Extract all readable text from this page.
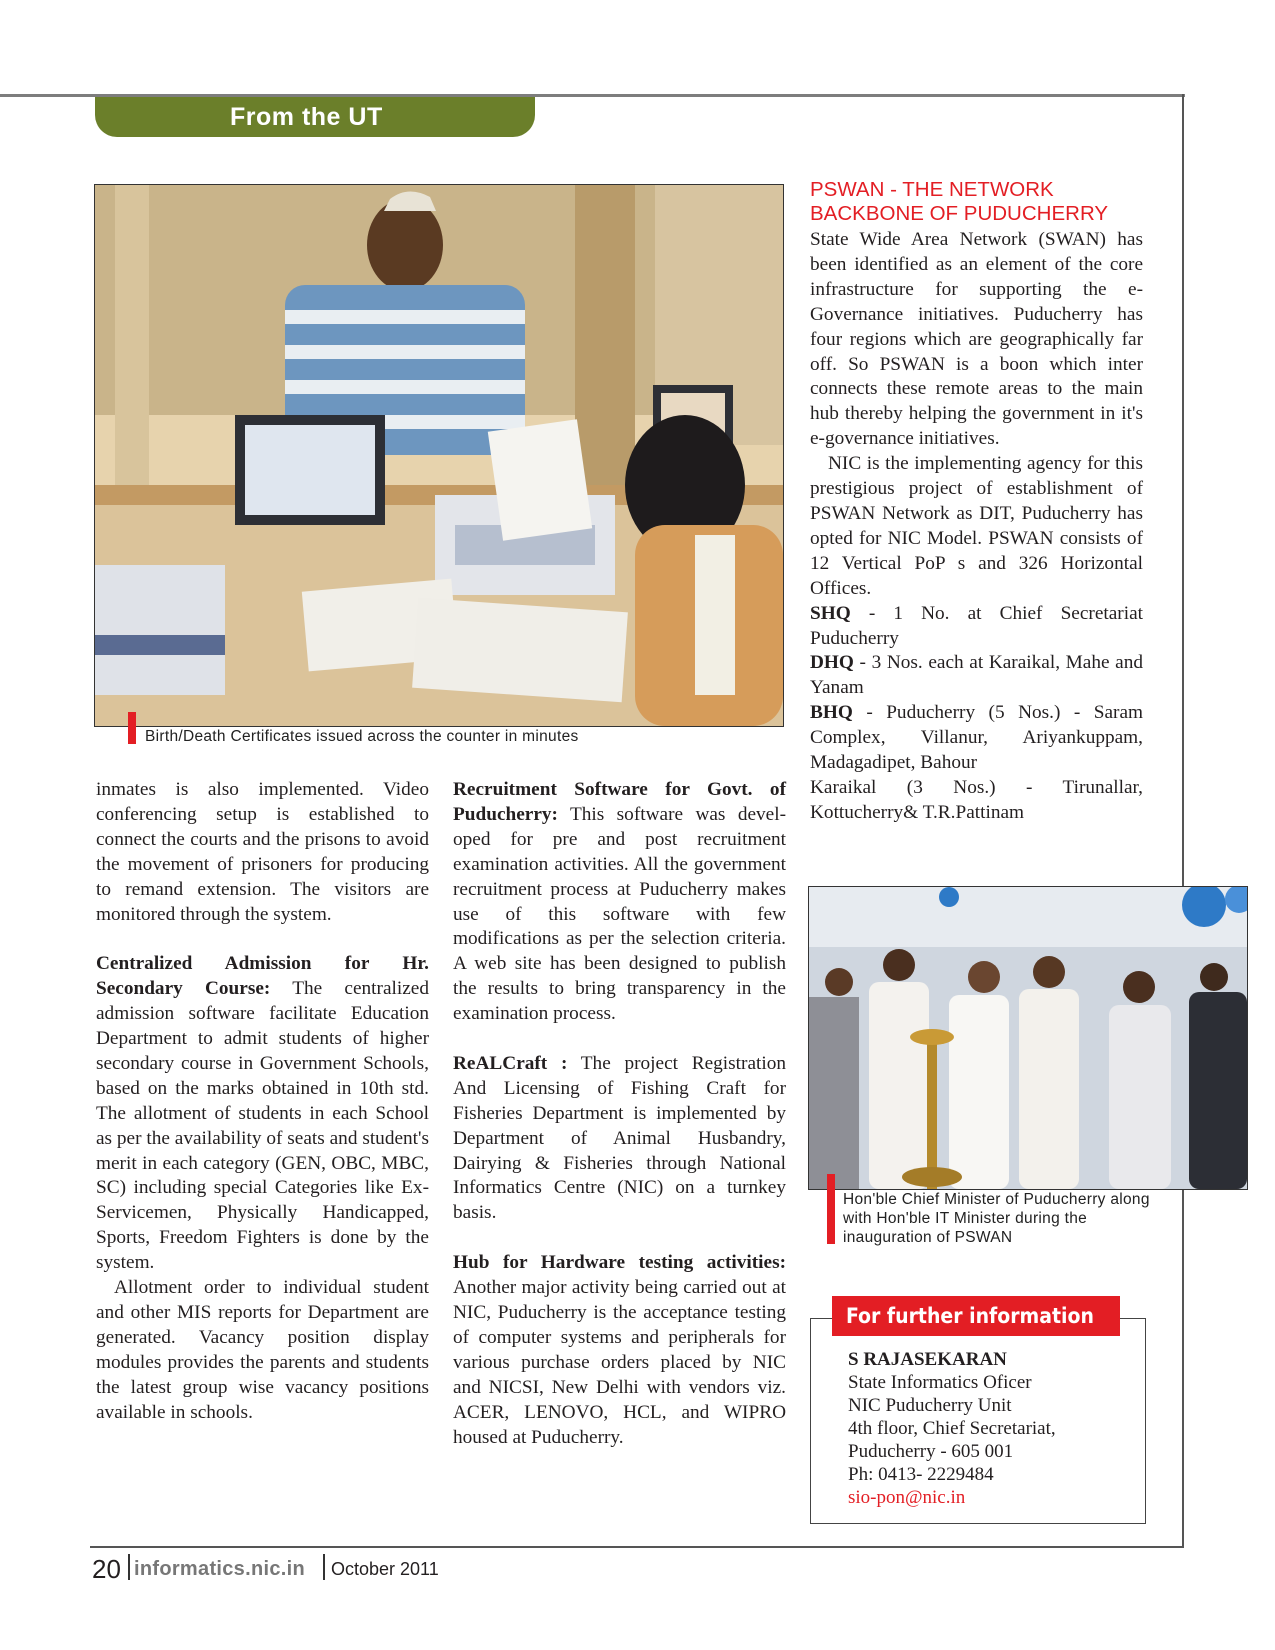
From the UT
Birth/Death Certificates issued across the counter in minutes

inmates is also implemented. Video conferencing setup is established to connect the courts and the prisons to avoid the movement of prisoners for producing to remand extension. The visitors are monitored through the system.

Centralized Admission for Hr. Secondary Course: The centralized admission software facilitate Education Department to admit students of higher secondary course in Government Schools, based on the marks obtained in 10th std. The allotment of students in each School as per the availability of seats and student's merit in each category (GEN, OBC, MBC, SC) including special Categories like Ex-Servicemen, Physically Handicapped, Sports, Freedom Fighters is done by the system.

Allotment order to individual student and other MIS reports for Department are generated. Vacancy position display modules provides the parents and students the latest group wise vacancy positions available in schools.

Recruitment Software for Govt. of Puducherry: This software was developed for pre and post recruitment examination activities. All the government recruitment process at Puducherry makes use of this software with few modifications as per the selection criteria. A web site has been designed to publish the results to bring transparency in the examination process.

ReALCraft : The project Registration And Licensing of Fishing Craft for Fisheries Department is implemented by Department of Animal Husbandry, Dairying & Fisheries through National Informatics Centre (NIC) on a turnkey basis.

Hub for Hardware testing activities: Another major activity being carried out at NIC, Puducherry is the acceptance testing of computer systems and peripherals for various purchase orders placed by NIC and NICSI, New Delhi with vendors viz. ACER, LENOVO, HCL, and WIPRO housed at Puducherry.

PSWAN - THE NETWORK BACKBONE OF PUDUCHERRY

State Wide Area Network (SWAN) has been identified as an element of the core infrastructure for supporting the e-Governance initiatives. Puducherry has four regions which are geographically far off. So PSWAN is a boon which inter connects these remote areas to the main hub thereby helping the government in it's e-governance initiatives.

NIC is the implementing agency for this prestigious project of establishment of PSWAN Network as DIT, Puducherry has opted for NIC Model. PSWAN consists of 12 Vertical PoP s and 326 Horizontal Offices.

SHQ - 1 No. at Chief Secretariat Puducherry

DHQ - 3 Nos. each at Karaikal, Mahe and Yanam

BHQ - Puducherry (5 Nos.) - Saram Complex, Villanur, Ariyankuppam, Madagadipet, Bahour

Karaikal (3 Nos.) - Tirunallar, Kottucherry& T.R.Pattinam

Hon'ble Chief Minister of Puducherry along with Hon'ble IT Minister during the inauguration of PSWAN
For further information
S RAJASEKARAN
State Informatics Oficer
NIC Puducherry Unit
4th floor, Chief Secretariat,
Puducherry - 605 001
Ph: 0413- 2229484
sio-pon@nic.in
20 informatics.nic.in October 2011
